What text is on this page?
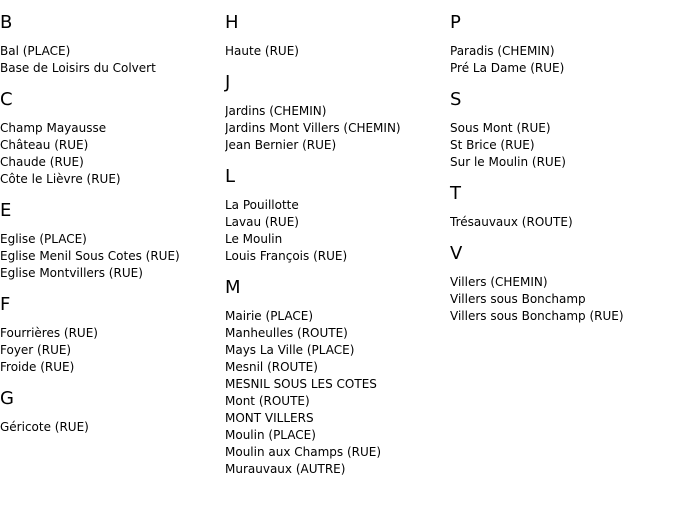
B
Bal (PLACE)
Base de Loisirs du Colvert
C
Champ Mayausse
Château (RUE)
Chaude (RUE)
Côte le Lièvre (RUE)
E
Eglise (PLACE)
Eglise Menil Sous Cotes (RUE)
Eglise Montvillers (RUE)
F
Fourrières (RUE)
Foyer (RUE)
Froide (RUE)
G
Géricote (RUE)
H
Haute (RUE)
J
Jardins (CHEMIN)
Jardins Mont Villers (CHEMIN)
Jean Bernier (RUE)
L
La Pouillotte
Lavau (RUE)
Le Moulin
Louis François (RUE)
M
Mairie (PLACE)
Manheulles (ROUTE)
Mays La Ville (PLACE)
Mesnil (ROUTE)
MESNIL SOUS LES COTES
Mont (ROUTE)
MONT VILLERS
Moulin (PLACE)
Moulin aux Champs (RUE)
Murauvaux (AUTRE)
P
Paradis (CHEMIN)
Pré La Dame (RUE)
S
Sous Mont (RUE)
St Brice (RUE)
Sur le Moulin (RUE)
T
Trésauvaux (ROUTE)
V
Villers (CHEMIN)
Villers sous Bonchamp
Villers sous Bonchamp (RUE)
